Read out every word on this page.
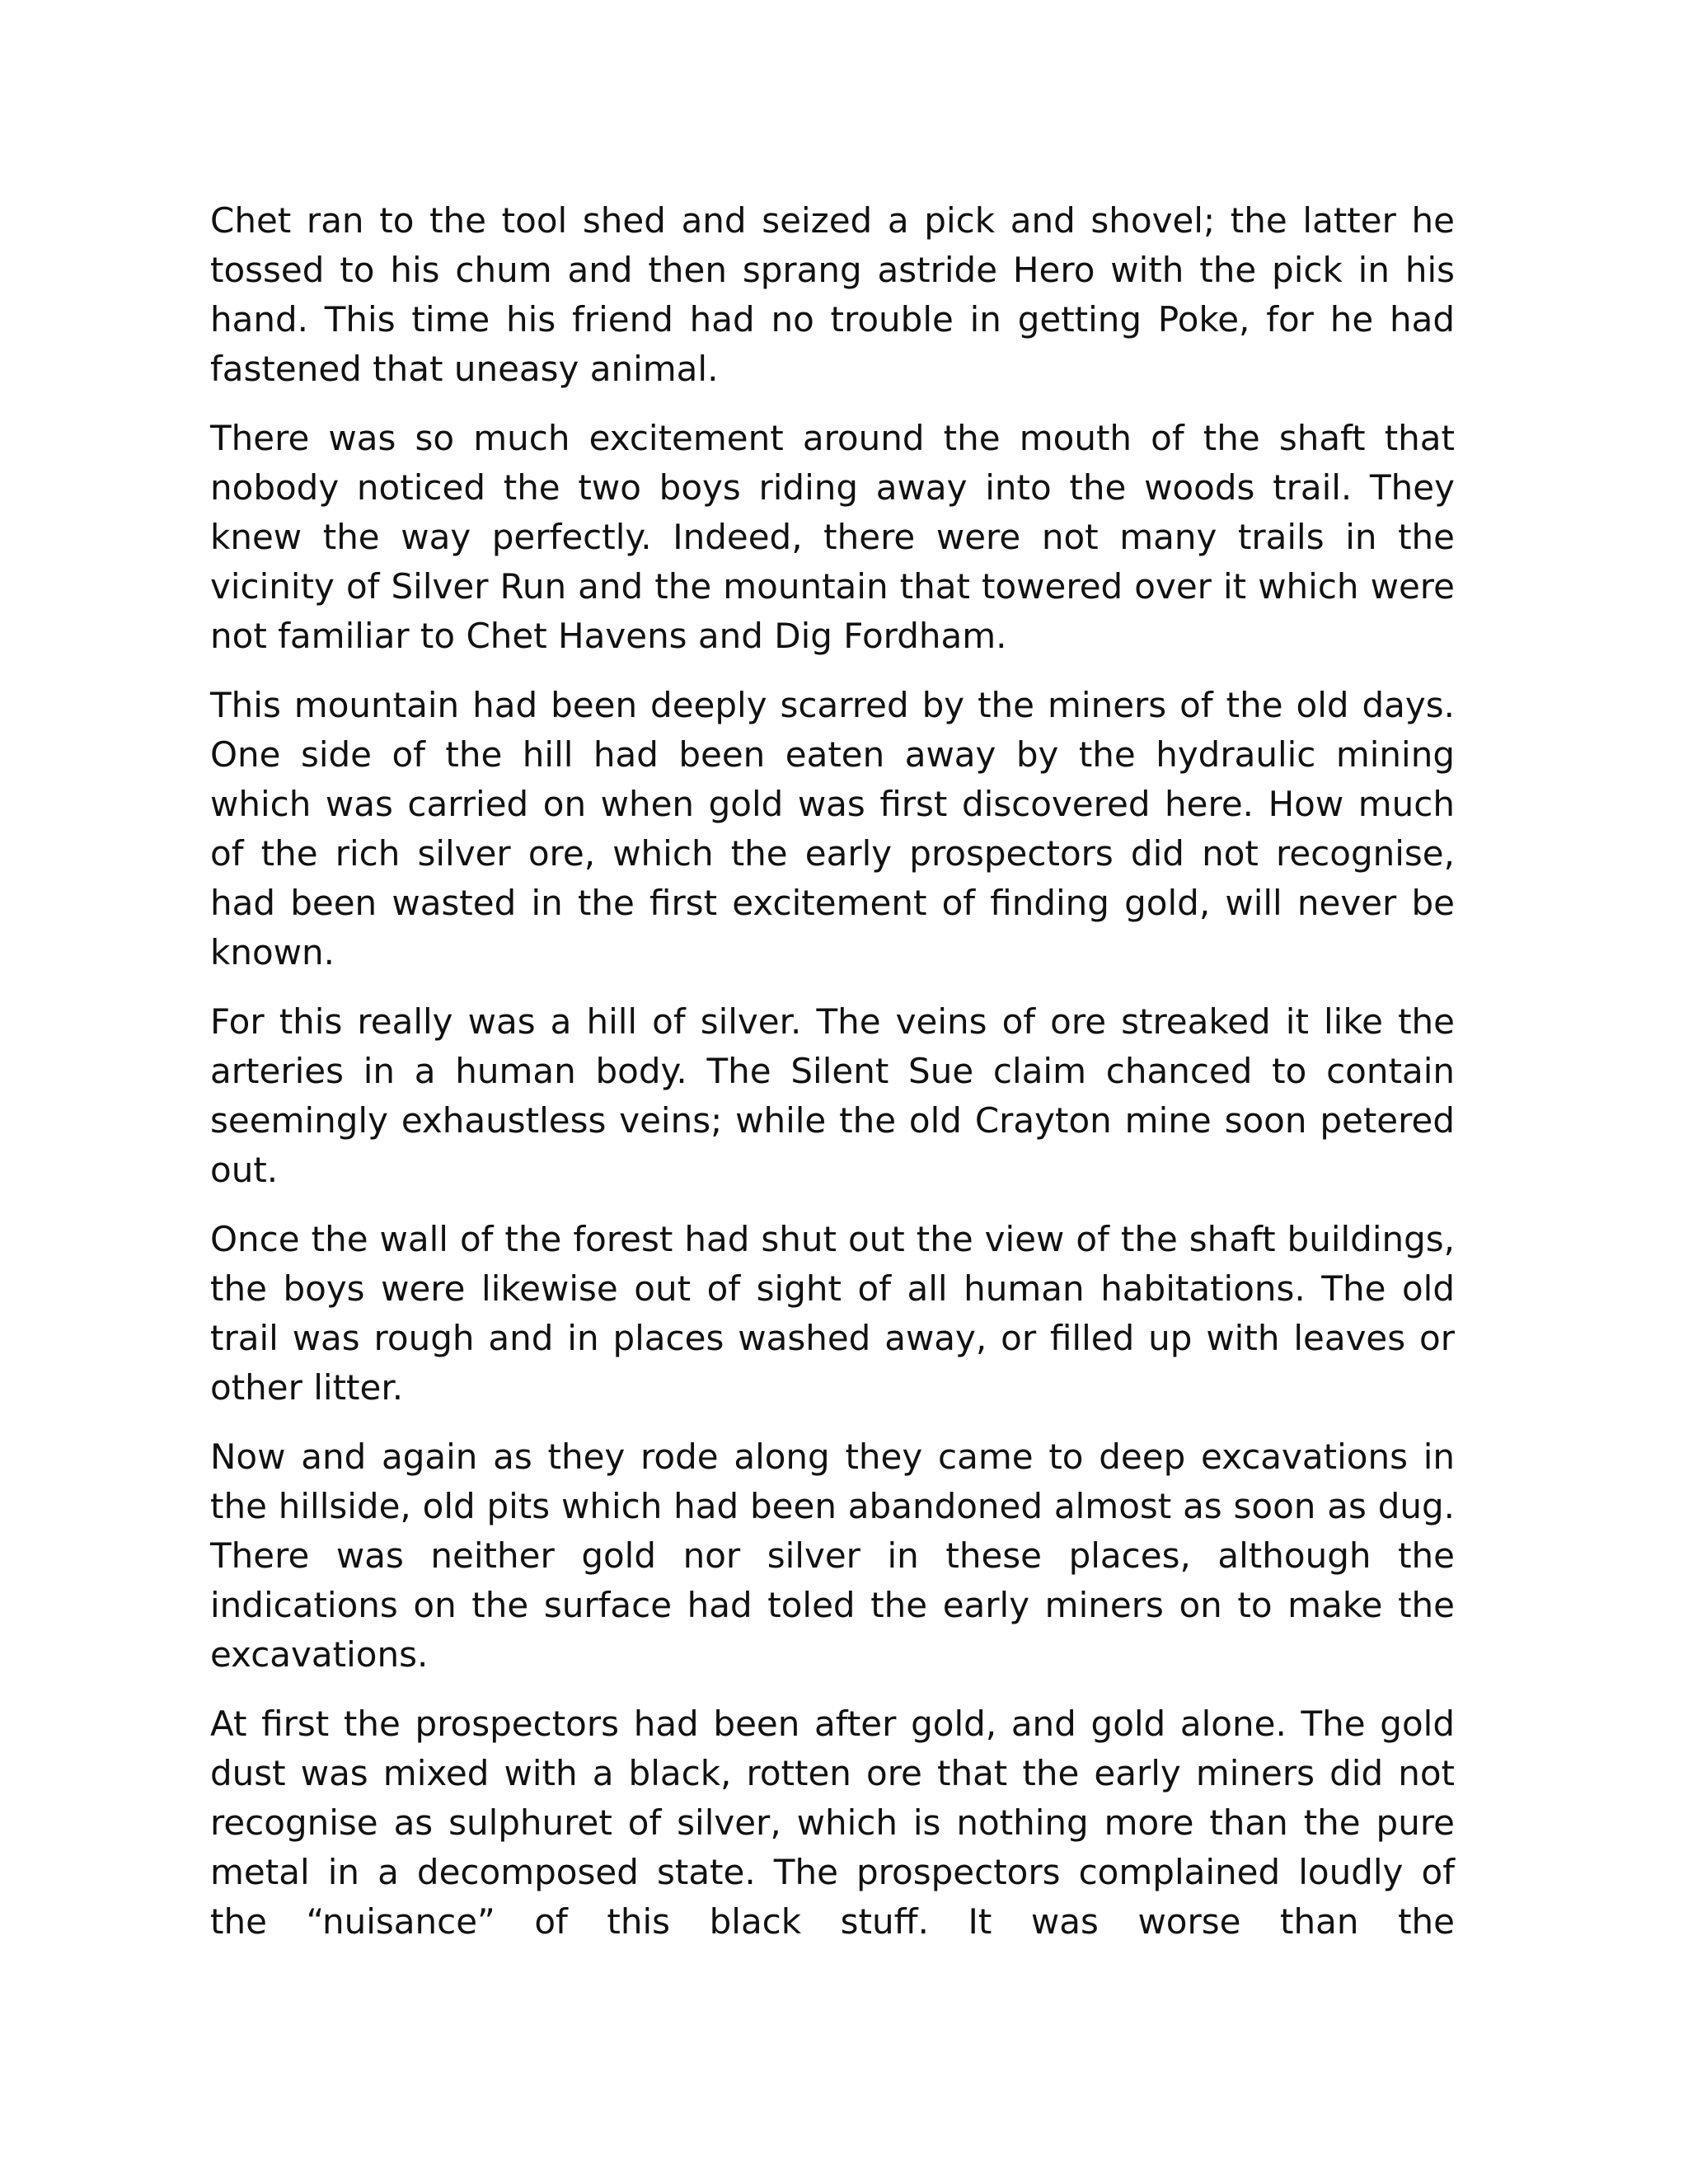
Chet ran to the tool shed and seized a pick and shovel; the latter he tossed to his chum and then sprang astride Hero with the pick in his hand. This time his friend had no trouble in getting Poke, for he had fastened that uneasy animal.

There was so much excitement around the mouth of the shaft that nobody noticed the two boys riding away into the woods trail. They knew the way perfectly. Indeed, there were not many trails in the vicinity of Silver Run and the mountain that towered over it which were not familiar to Chet Havens and Dig Fordham.

This mountain had been deeply scarred by the miners of the old days. One side of the hill had been eaten away by the hydraulic mining which was carried on when gold was first discovered here. How much of the rich silver ore, which the early prospectors did not recognise, had been wasted in the first excitement of finding gold, will never be known.

For this really was a hill of silver. The veins of ore streaked it like the arteries in a human body. The Silent Sue claim chanced to contain seemingly exhaustless veins; while the old Crayton mine soon petered out.

Once the wall of the forest had shut out the view of the shaft buildings, the boys were likewise out of sight of all human habitations. The old trail was rough and in places washed away, or filled up with leaves or other litter.

Now and again as they rode along they came to deep excavations in the hillside, old pits which had been abandoned almost as soon as dug. There was neither gold nor silver in these places, although the indications on the surface had toled the early miners on to make the excavations.

At first the prospectors had been after gold, and gold alone. The gold dust was mixed with a black, rotten ore that the early miners did not recognise as sulphuret of silver, which is nothing more than the pure metal in a decomposed state. The prospectors complained loudly of the “nuisance” of this black stuff. It was worse than the
